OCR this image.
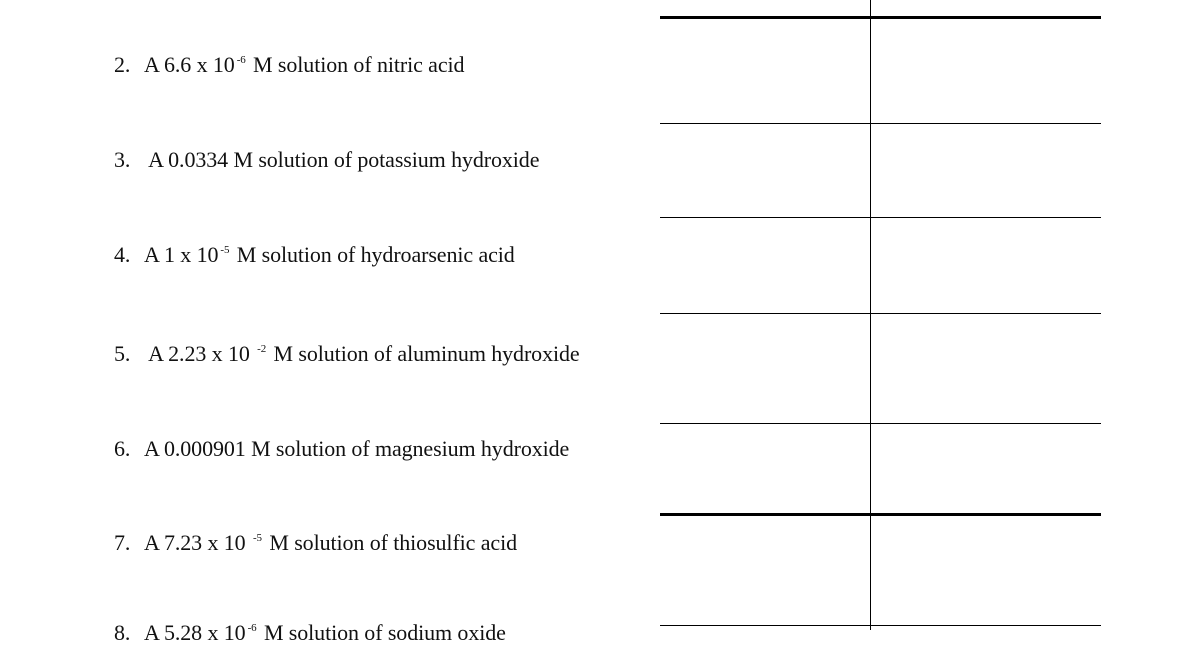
2. A 6.6 x 10 $^{-6}$ M solution of nitric acid
3. A 0.0334 M solution of potassium hydroxide
4. A 1 x 10 $^{-5}$ M solution of hydroarsenic acid
5. A 2.23 x 10 $^{-2}$ M solution of aluminum hydroxide
6. A 0.000901 M solution of magnesium hydroxide
7. A 7.23 x 10 $^{-5}$ M solution of thiosulfic acid
8. A 5.28 x 10 $^{-6}$ M solution of sodium oxide
